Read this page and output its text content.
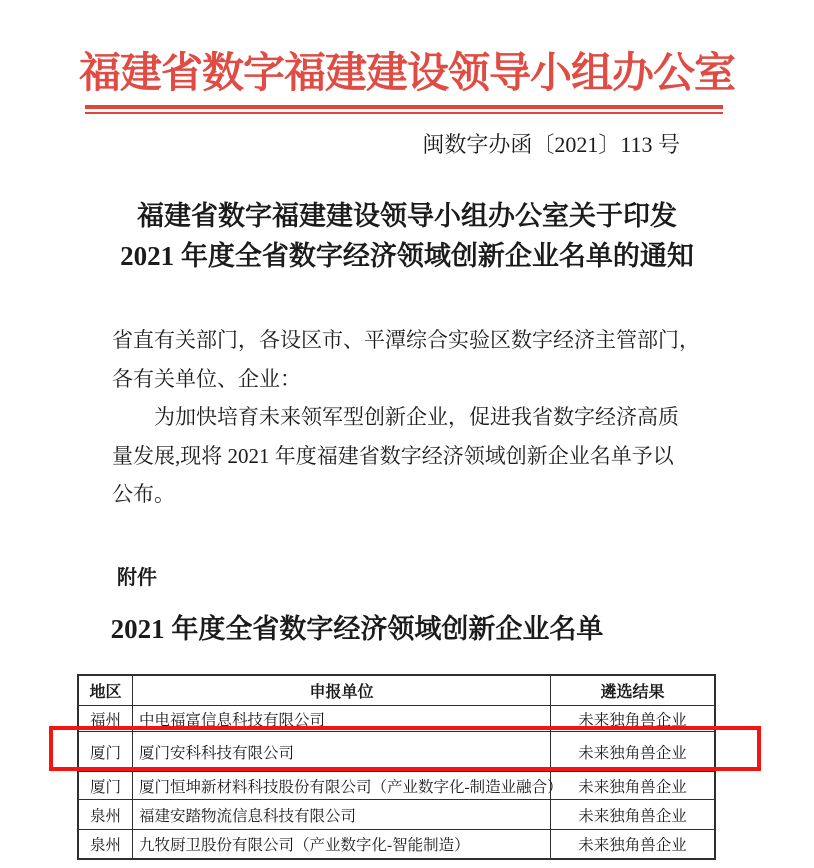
福建省数字福建建设领导小组办公室
闽数字办函〔2021〕113 号
福建省数字福建建设领导小组办公室关于印发
2021 年度全省数字经济领域创新企业名单的通知
省直有关部门，各设区市、平潭综合实验区数字经济主管部门，
各有关单位、企业：
为加快培育未来领军型创新企业，促进我省数字经济高质
量发展,现将 2021 年度福建省数字经济领域创新企业名单予以
公布。
附件
2021 年度全省数字经济领域创新企业名单
地区	申报单位	遴选结果
福州	中电福富信息科技有限公司	未来独角兽企业
厦门	厦门安科科技有限公司	未来独角兽企业
厦门	厦门恒坤新材料科技股份有限公司（产业数字化-制造业融合）	未来独角兽企业
泉州	福建安踏物流信息科技有限公司	未来独角兽企业
泉州	九牧厨卫股份有限公司（产业数字化-智能制造）	未来独角兽企业
